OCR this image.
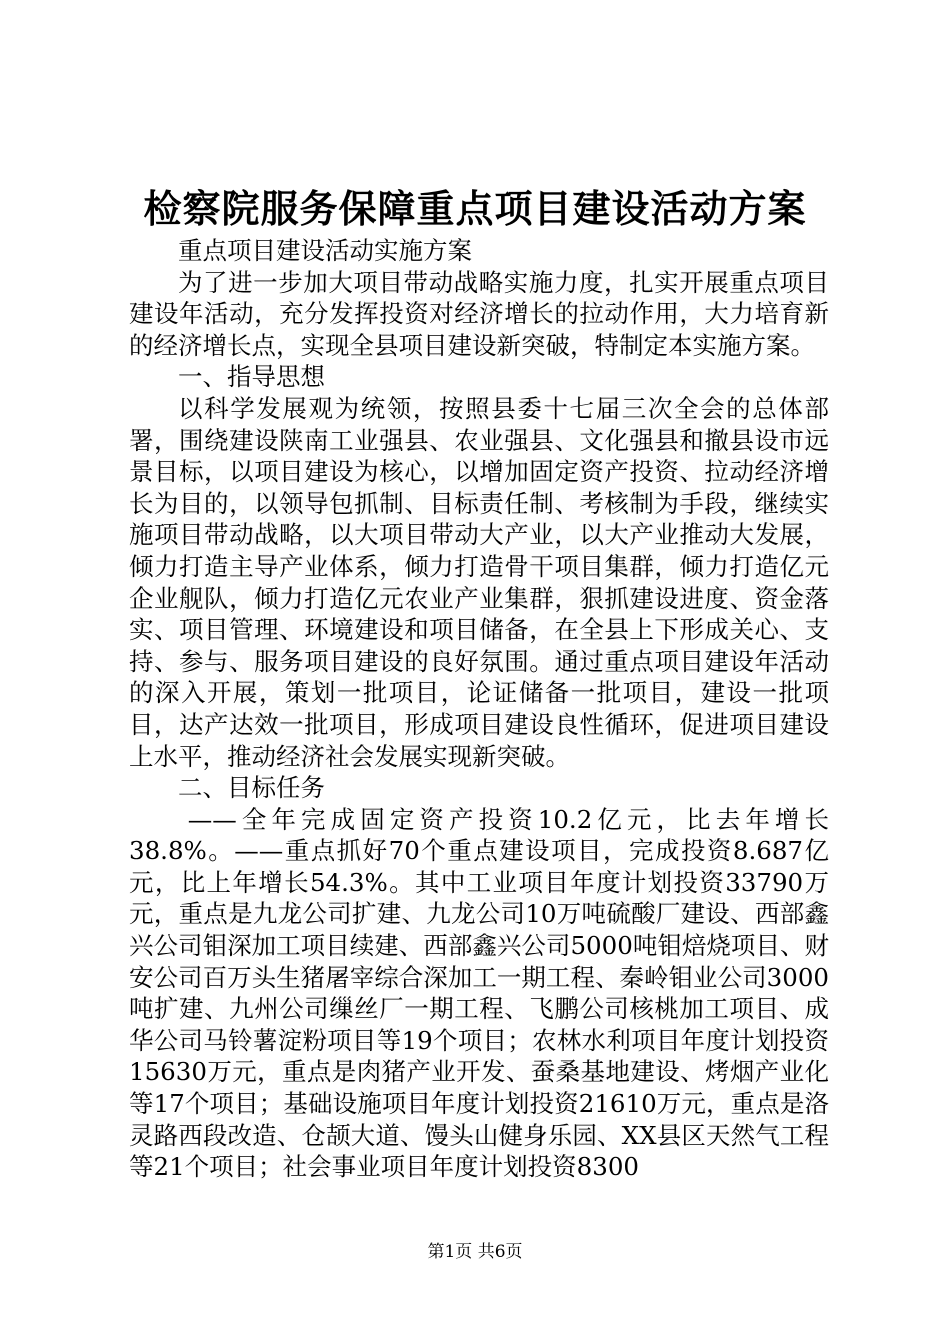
检察院服务保障重点项目建设活动方案

重点项目建设活动实施方案

为了进一步加大项目带动战略实施力度，扎实开展重点项目建设年活动，充分发挥投资对经济增长的拉动作用，大力培育新的经济增长点，实现全县项目建设新突破，特制定本实施方案。

一、指导思想

以科学发展观为统领，按照县委十七届三次全会的总体部署，围绕建设陕南工业强县、农业强县、文化强县和撤县设市远景目标，以项目建设为核心，以增加固定资产投资、拉动经济增长为目的，以领导包抓制、目标责任制、考核制为手段，继续实施项目带动战略，以大项目带动大产业，以大产业推动大发展，倾力打造主导产业体系，倾力打造骨干项目集群，倾力打造亿元企业舰队，倾力打造亿元农业产业集群，狠抓建设进度、资金落实、项目管理、环境建设和项目储备，在全县上下形成关心、支持、参与、服务项目建设的良好氛围。通过重点项目建设年活动的深入开展，策划一批项目，论证储备一批项目，建设一批项目，达产达效一批项目，形成项目建设良性循环，促进项目建设上水平，推动经济社会发展实现新突破。

二、目标任务

——全年完成固定资产投资10.2亿元，比去年增长38.8%。——重点抓好70个重点建设项目，完成投资8.687亿元，比上年增长54.3%。其中工业项目年度计划投资33790万元，重点是九龙公司扩建、九龙公司10万吨硫酸厂建设、西部鑫兴公司钼深加工项目续建、西部鑫兴公司5000吨钼焙烧项目、财安公司百万头生猪屠宰综合深加工一期工程、秦岭钼业公司3000吨扩建、九州公司缫丝厂一期工程、飞鹏公司核桃加工项目、成华公司马铃薯淀粉项目等19个项目；农林水利项目年度计划投资15630万元，重点是肉猪产业开发、蚕桑基地建设、烤烟产业化等17个项目；基础设施项目年度计划投资21610万元，重点是洛灵路西段改造、仓颉大道、馒头山健身乐园、XX县区天然气工程等21个项目；社会事业项目年度计划投资8300

第1页 共6页
